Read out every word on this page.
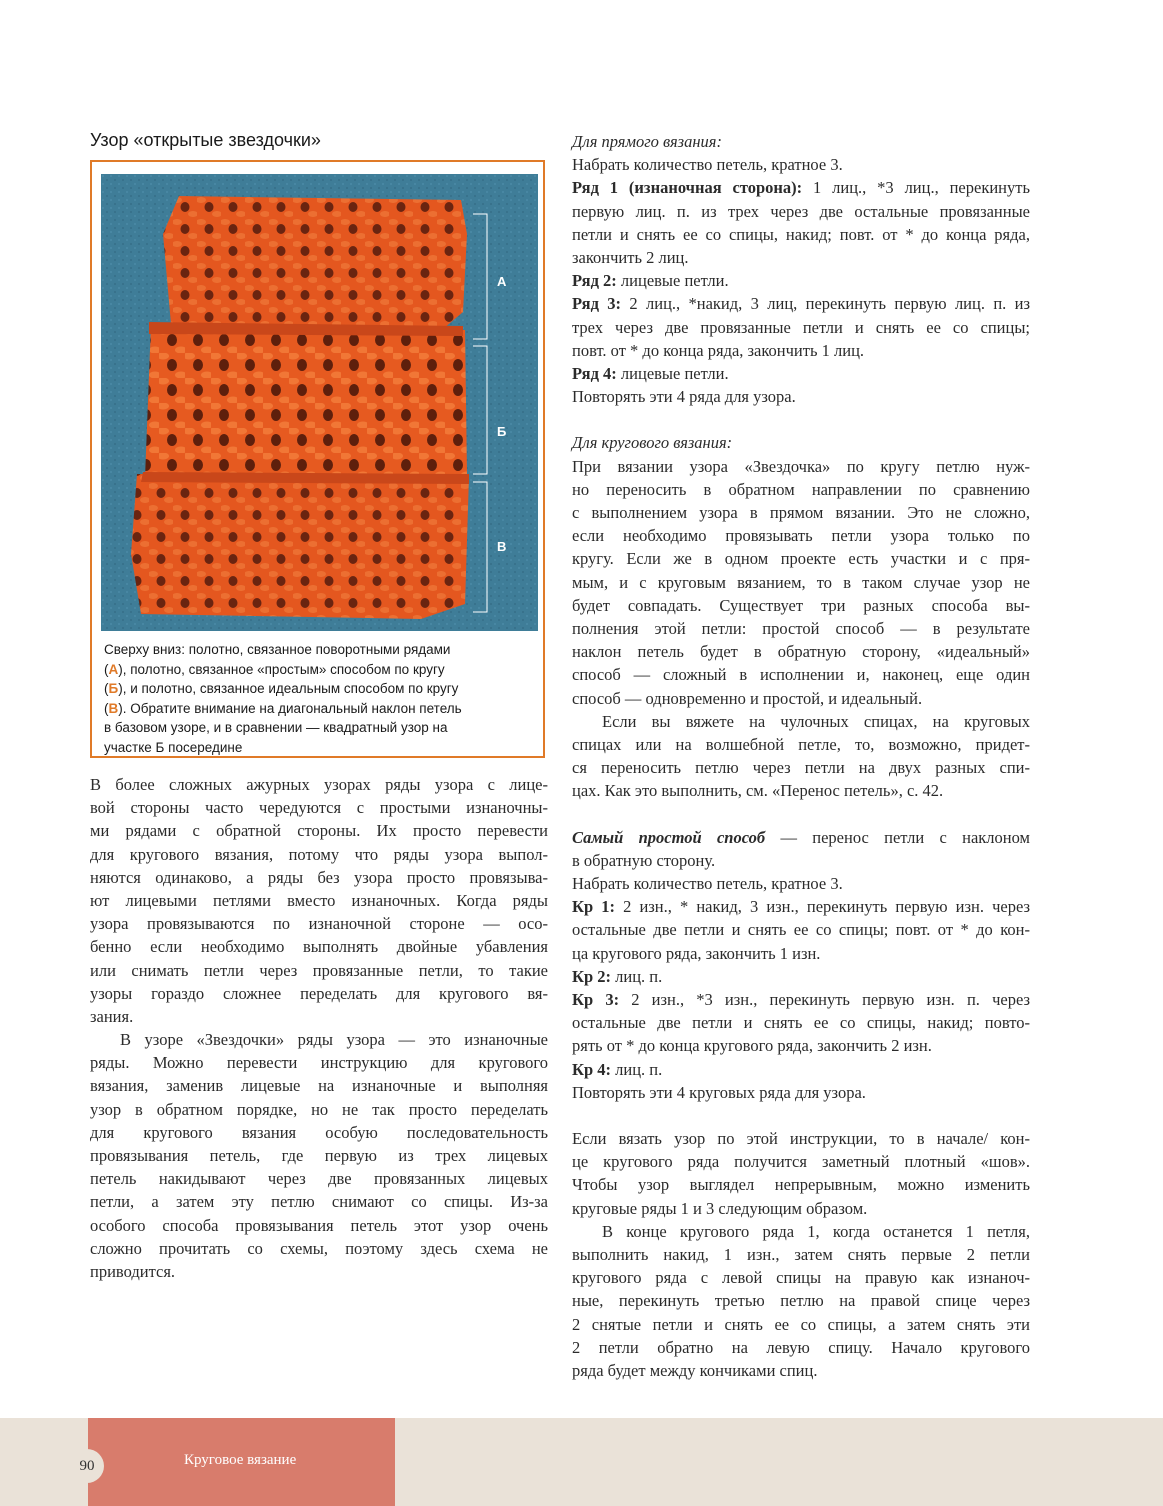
Узор «открытые звездочки»
А
Б
В
Сверху вниз: полотно, связанное поворотными рядами
(А), полотно, связанное «простым» способом по кругу
(Б), и полотно, связанное идеальным способом по кругу
(В). Обратите внимание на диагональный наклон петель
в базовом узоре, и в сравнении — квадратный узор на
участке Б посередине
В более сложных ажурных узорах ряды узора с лице-
вой стороны часто чередуются с простыми изнаночны-
ми рядами с обратной стороны. Их просто перевести
для кругового вязания, потому что ряды узора выпол-
няются одинаково, а ряды без узора просто провязыва-
ют лицевыми петлями вместо изнаночных. Когда ряды
узора провязываются по изнаночной стороне — осо-
бенно если необходимо выполнять двойные убавления
или снимать петли через провязанные петли, то такие
узоры гораздо сложнее переделать для кругового вя-
зания.
В узоре «Звездочки» ряды узора — это изнаночные
ряды. Можно перевести инструкцию для кругового
вязания, заменив лицевые на изнаночные и выполняя
узор в обратном порядке, но не так просто переделать
для кругового вязания особую последовательность
провязывания петель, где первую из трех лицевых
петель накидывают через две провязанных лицевых
петли, а затем эту петлю снимают со спицы. Из-за
особого способа провязывания петель этот узор очень
сложно прочитать со схемы, поэтому здесь схема не
приводится.
Для прямого вязания:
Набрать количество петель, кратное 3.
Ряд 1 (изнаночная сторона): 1 лиц., *3 лиц., перекинуть
первую лиц. п. из трех через две остальные провязанные
петли и снять ее со спицы, накид; повт. от * до конца ряда,
закончить 2 лиц.
Ряд 2: лицевые петли.
Ряд 3: 2 лиц., *накид, 3 лиц, перекинуть первую лиц. п. из
трех через две провязанные петли и снять ее со спицы;
повт. от * до конца ряда, закончить 1 лиц.
Ряд 4: лицевые петли.
Повторять эти 4 ряда для узора.
Для кругового вязания:
При вязании узора «Звездочка» по кругу петлю нуж-
но переносить в обратном направлении по сравнению
с выполнением узора в прямом вязании. Это не сложно,
если необходимо провязывать петли узора только по
кругу. Если же в одном проекте есть участки и с пря-
мым, и с круговым вязанием, то в таком случае узор не
будет совпадать. Существует три разных способа вы-
полнения этой петли: простой способ — в результате
наклон петель будет в обратную сторону, «идеальный»
способ — сложный в исполнении и, наконец, еще один
способ — одновременно и простой, и идеальный.
Если вы вяжете на чулочных спицах, на круговых
спицах или на волшебной петле, то, возможно, придет-
ся переносить петлю через петли на двух разных спи-
цах. Как это выполнить, см. «Перенос петель», с. 42.
Самый простой способ — перенос петли с наклоном
в обратную сторону.
Набрать количество петель, кратное 3.
Кр 1: 2 изн., * накид, 3 изн., перекинуть первую изн. через
остальные две петли и снять ее со спицы; повт. от * до кон-
ца кругового ряда, закончить 1 изн.
Кр 2: лиц. п.
Кр 3: 2 изн., *3 изн., перекинуть первую изн. п. через
остальные две петли и снять ее со спицы, накид; повто-
рять от * до конца кругового ряда, закончить 2 изн.
Кр 4: лиц. п.
Повторять эти 4 круговых ряда для узора.
Если вязать узор по этой инструкции, то в начале/ кон-
це кругового ряда получится заметный плотный «шов».
Чтобы узор выглядел непрерывным, можно изменить
круговые ряды 1 и 3 следующим образом.
В конце кругового ряда 1, когда останется 1 петля,
выполнить накид, 1 изн., затем снять первые 2 петли
кругового ряда с левой спицы на правую как изнаноч-
ные, перекинуть третью петлю на правой спице через
2 снятые петли и снять ее со спицы, а затем снять эти
2 петли обратно на левую спицу. Начало кругового
ряда будет между кончиками спиц.
Круговое вязание
90
